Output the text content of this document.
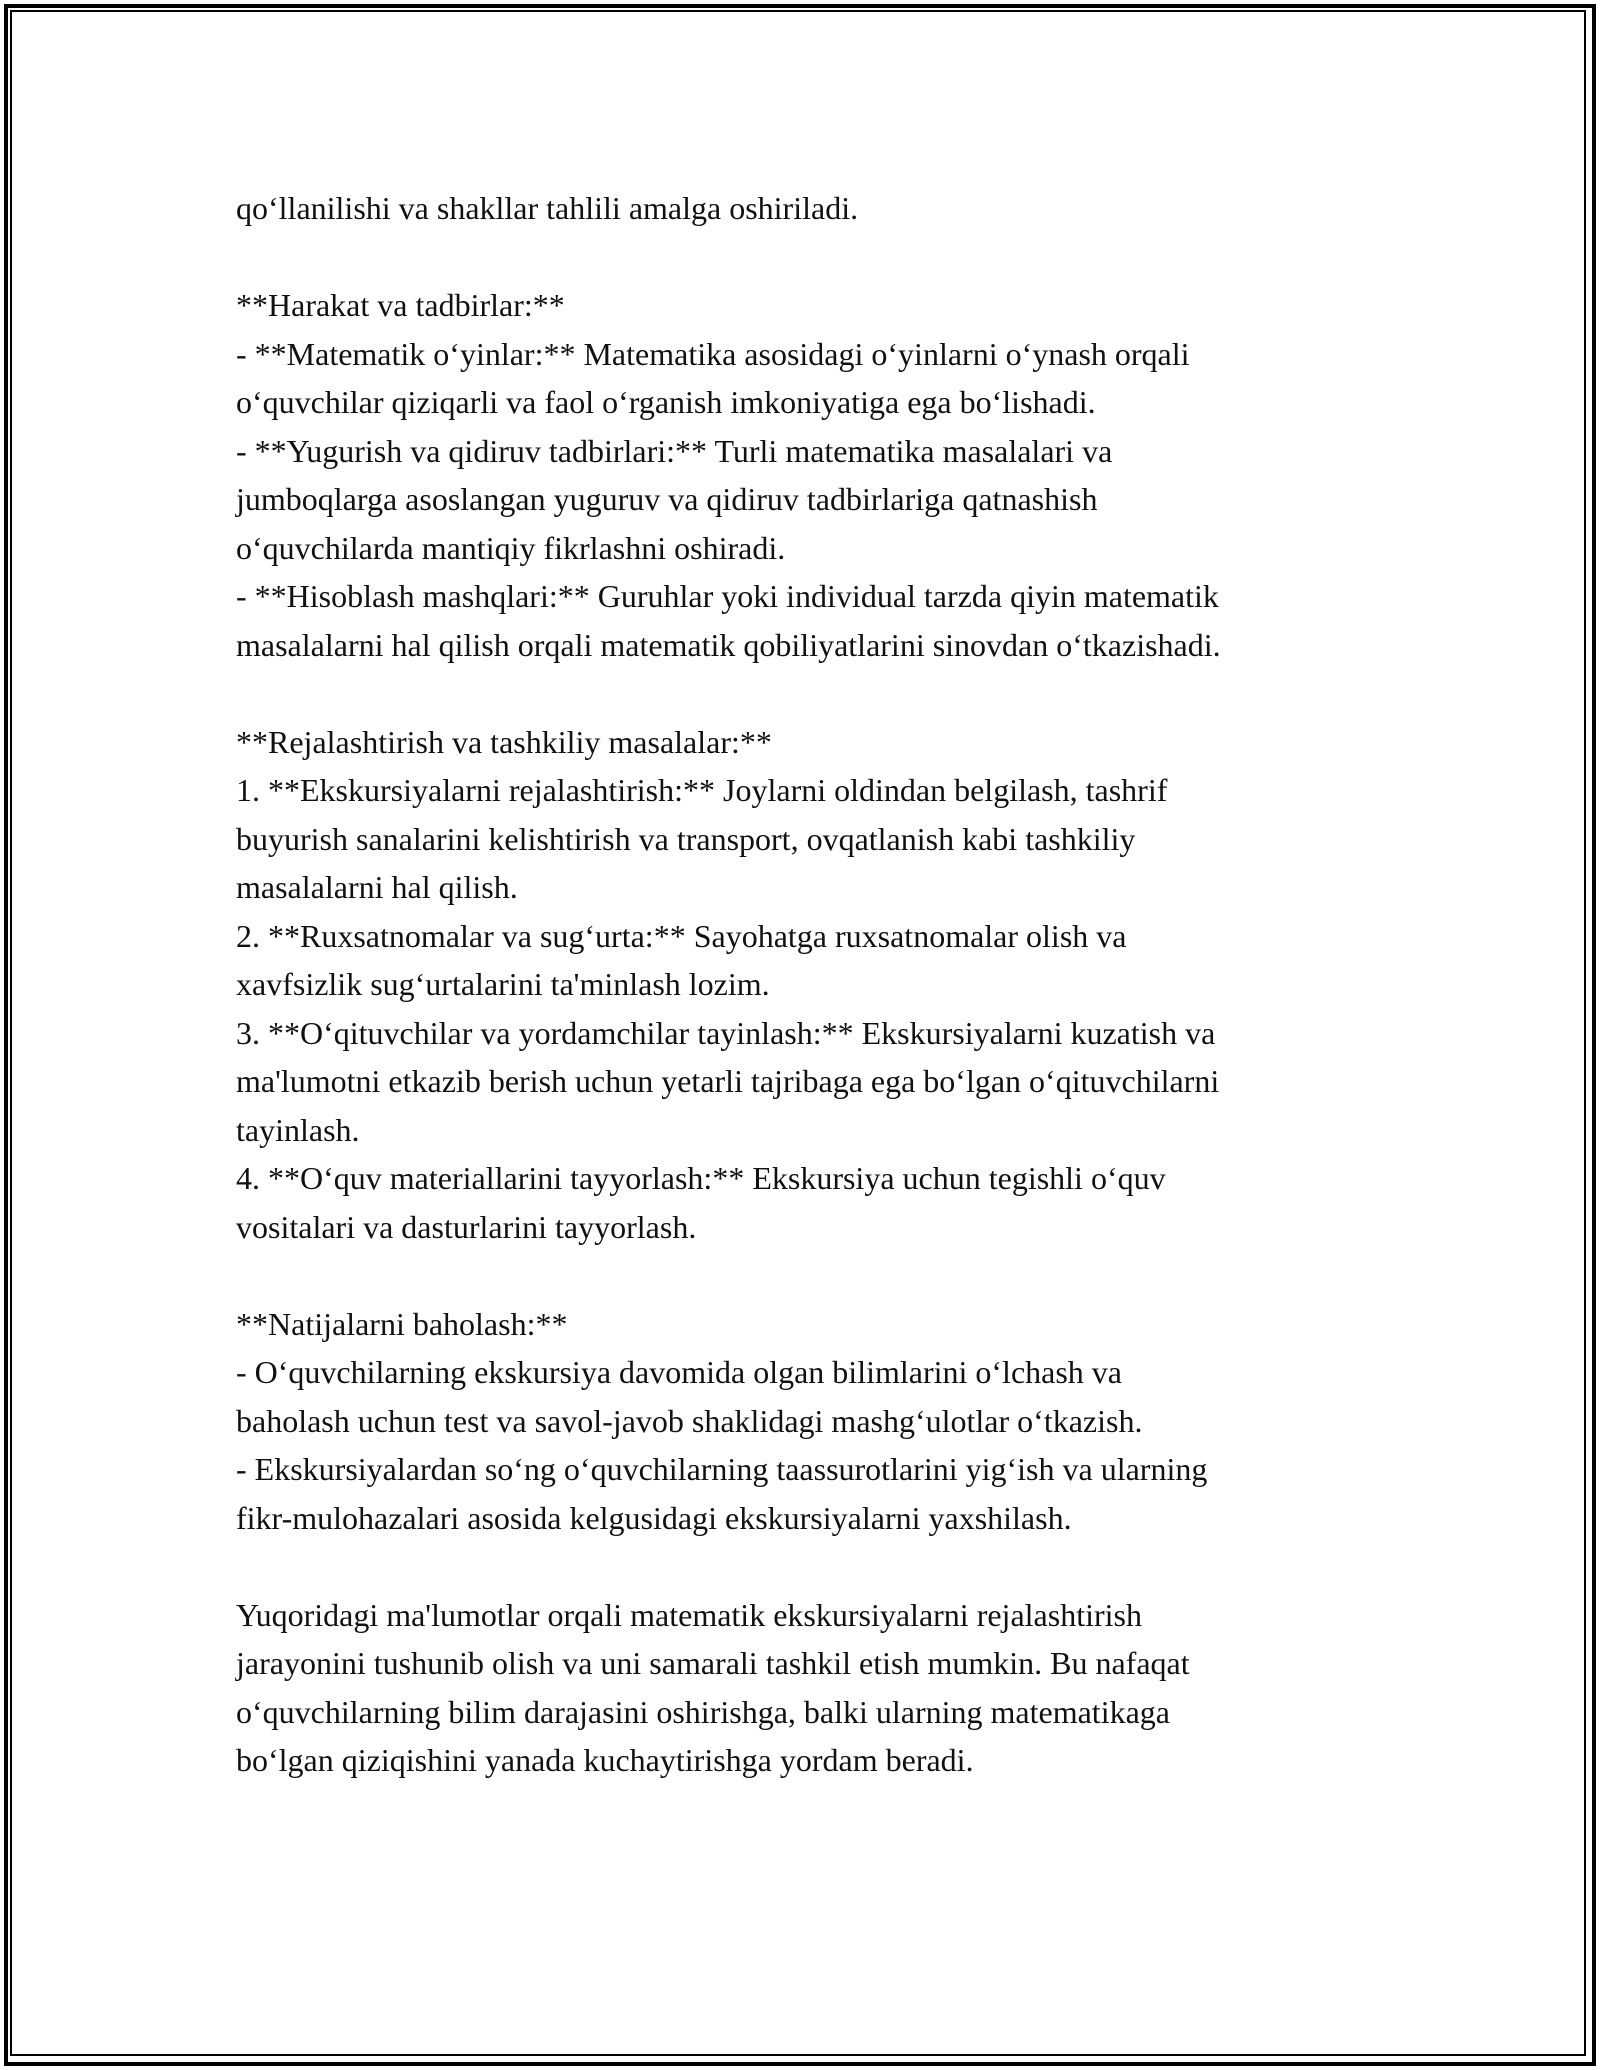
qo‘llanilishi va shakllar tahlili amalga oshiriladi.
**Harakat va tadbirlar:**
- **Matematik o‘yinlar:** Matematika asosidagi o‘yinlarni o‘ynash orqali
o‘quvchilar qiziqarli va faol o‘rganish imkoniyatiga ega bo‘lishadi.
- **Yugurish va qidiruv tadbirlari:** Turli matematika masalalari va
jumboqlarga asoslangan yuguruv va qidiruv tadbirlariga qatnashish
o‘quvchilarda mantiqiy fikrlashni oshiradi.
- **Hisoblash mashqlari:** Guruhlar yoki individual tarzda qiyin matematik
masalalarni hal qilish orqali matematik qobiliyatlarini sinovdan o‘tkazishadi.
**Rejalashtirish va tashkiliy masalalar:**
1. **Ekskursiyalarni rejalashtirish:** Joylarni oldindan belgilash, tashrif
buyurish sanalarini kelishtirish va transport, ovqatlanish kabi tashkiliy
masalalarni hal qilish.
2. **Ruxsatnomalar va sug‘urta:** Sayohatga ruxsatnomalar olish va
xavfsizlik sug‘urtalarini ta'minlash lozim.
3. **O‘qituvchilar va yordamchilar tayinlash:** Ekskursiyalarni kuzatish va
ma'lumotni etkazib berish uchun yetarli tajribaga ega bo‘lgan o‘qituvchilarni
tayinlash.
4. **O‘quv materiallarini tayyorlash:** Ekskursiya uchun tegishli o‘quv
vositalari va dasturlarini tayyorlash.
**Natijalarni baholash:**
- O‘quvchilarning ekskursiya davomida olgan bilimlarini o‘lchash va
baholash uchun test va savol-javob shaklidagi mashg‘ulotlar o‘tkazish.
- Ekskursiyalardan so‘ng o‘quvchilarning taassurotlarini yig‘ish va ularning
fikr-mulohazalari asosida kelgusidagi ekskursiyalarni yaxshilash.
Yuqoridagi ma'lumotlar orqali matematik ekskursiyalarni rejalashtirish
jarayonini tushunib olish va uni samarali tashkil etish mumkin. Bu nafaqat
o‘quvchilarning bilim darajasini oshirishga, balki ularning matematikaga
bo‘lgan qiziqishini yanada kuchaytirishga yordam beradi.
